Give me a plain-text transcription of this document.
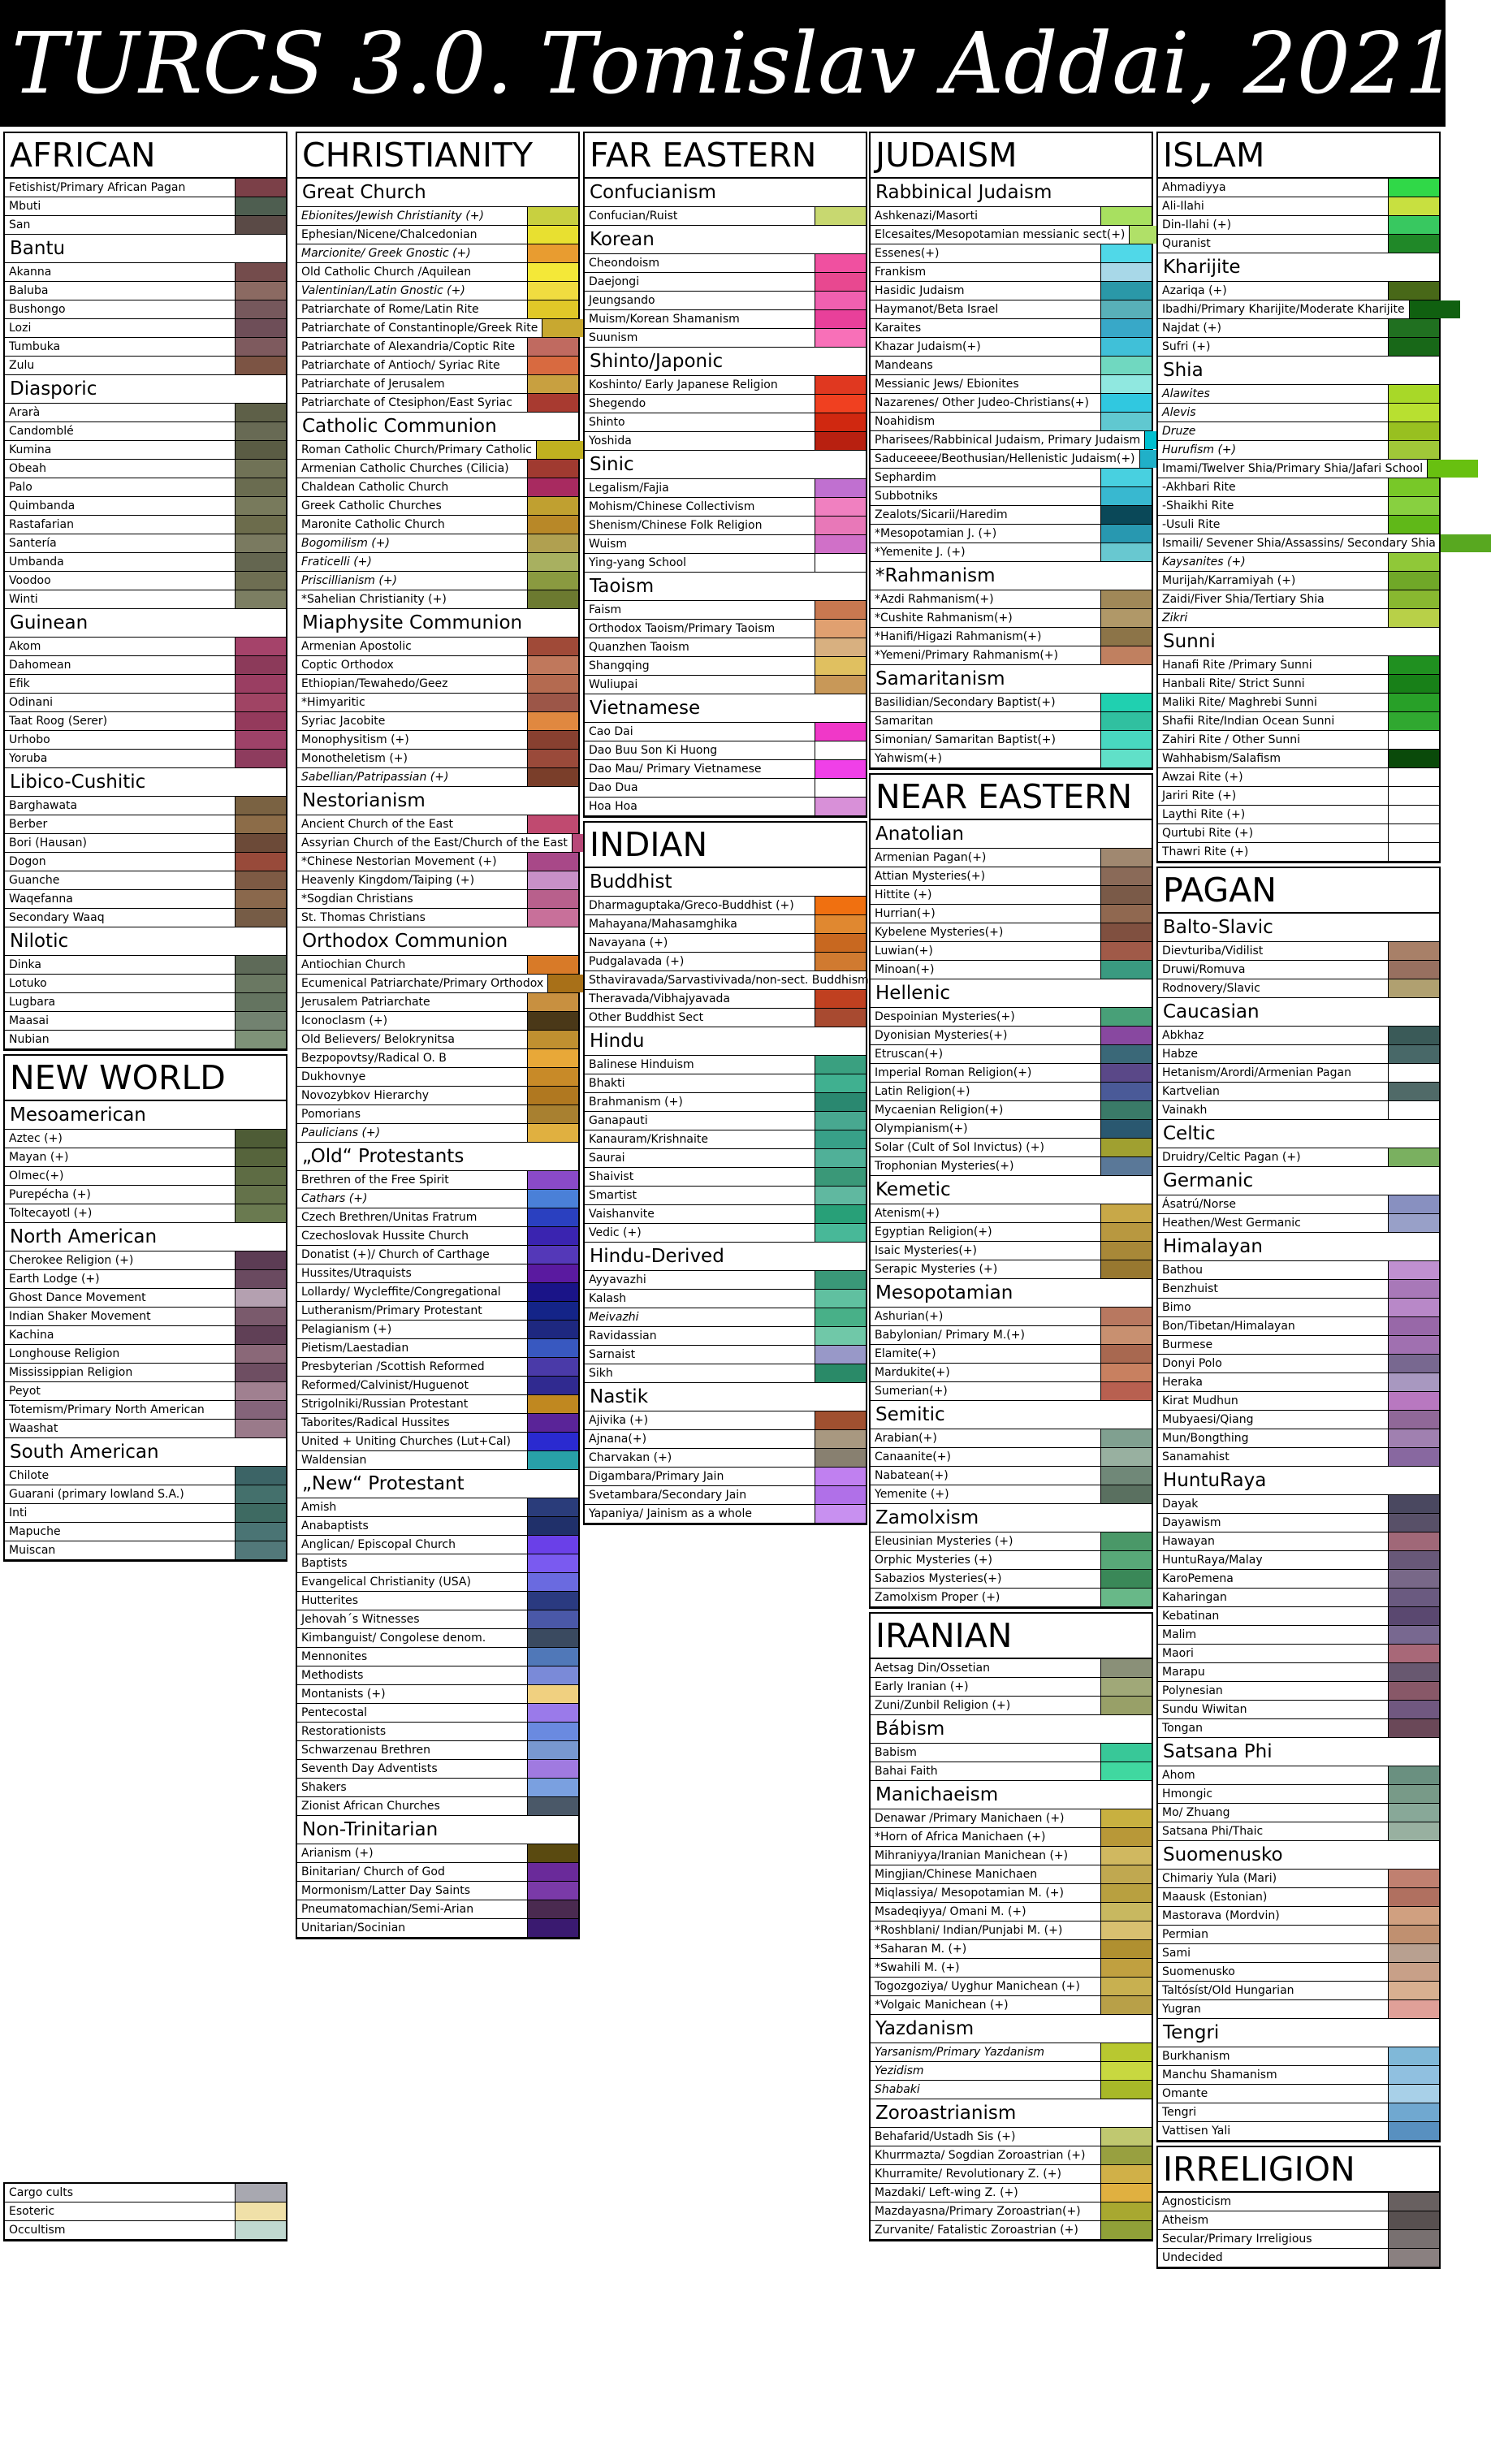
TURCS 3.0. Tomislav Addai, 2021
AFRICAN
Fetishist/Primary African Pagan
Mbuti
San
Bantu
Akanna
Baluba
Bushongo
Lozi
Tumbuka
Zulu
Diasporic
Ararà
Candomblé
Kumina
Obeah
Palo
Quimbanda
Rastafarian
Santería
Umbanda
Voodoo
Winti
Guinean
Akom
Dahomean
Efik
Odinani
Taat Roog (Serer)
Urhobo
Yoruba
Libico-Cushitic
Barghawata
Berber
Bori (Hausan)
Dogon
Guanche
Waqefanna
Secondary Waaq
Nilotic
Dinka
Lotuko
Lugbara
Maasai
Nubian
NEW WORLD
Mesoamerican
Aztec (+)
Mayan (+)
Olmec(+)
Purepécha (+)
Toltecayotl (+)
North American
Cherokee Religion (+)
Earth Lodge (+)
Ghost Dance Movement
Indian Shaker Movement
Kachina
Longhouse Religion
Mississippian Religion
Peyot
Totemism/Primary North American
Waashat
South American
Chilote
Guarani (primary lowland S.A.)
Inti
Mapuche
Muiscan
CHRISTIANITY
Great Church
Ebionites/Jewish Christianity (+)
Ephesian/Nicene/Chalcedonian
Marcionite/ Greek Gnostic (+)
Old Catholic Church /Aquilean
Valentinian/Latin Gnostic (+)
Patriarchate of Rome/Latin Rite
Patriarchate of Constantinople/Greek Rite
Patriarchate of Alexandria/Coptic Rite
Patriarchate of Antioch/ Syriac Rite
Patriarchate of Jerusalem
Patriarchate of Ctesiphon/East Syriac
Catholic Communion
Roman Catholic Church/Primary Catholic
Armenian Catholic Churches (Cilicia)
Chaldean Catholic Church
Greek Catholic Churches
Maronite Catholic Church
Bogomilism (+)
Fraticelli (+)
Priscillianism (+)
*Sahelian Christianity (+)
Miaphysite Communion
Armenian Apostolic
Coptic Orthodox
Ethiopian/Tewahedo/Geez
*Himyaritic
Syriac Jacobite
Monophysitism (+)
Monotheletism (+)
Sabellian/Patripassian (+)
Nestorianism
Ancient Church of the East
Assyrian Church of the East/Church of the East
*Chinese Nestorian Movement (+)
Heavenly Kingdom/Taiping (+)
*Sogdian Christians
St. Thomas Christians
Orthodox Communion
Antiochian Church
Ecumenical Patriarchate/Primary Orthodox
Jerusalem Patriarchate
Iconoclasm (+)
Old Believers/ Belokrynitsa
Bezpopovtsy/Radical O. B
Dukhovnye
Novozybkov Hierarchy
Pomorians
Paulicians (+)
„Old“ Protestants
Brethren of the Free Spirit
Cathars (+)
Czech Brethren/Unitas Fratrum
Czechoslovak Hussite Church
Donatist (+)/ Church of Carthage
Hussites/Utraquists
Lollardy/ Wycleffite/Congregational
Lutheranism/Primary Protestant
Pelagianism (+)
Pietism/Laestadian
Presbyterian /Scottish Reformed
Reformed/Calvinist/Huguenot
Strigolniki/Russian Protestant
Taborites/Radical Hussites
United + Uniting Churches (Lut+Cal)
Waldensian
„New“ Protestant
Amish
Anabaptists
Anglican/ Episcopal Church
Baptists
Evangelical Christianity (USA)
Hutterites
Jehovah´s Witnesses
Kimbanguist/ Congolese denom.
Mennonites
Methodists
Montanists (+)
Pentecostal
Restorationists
Schwarzenau Brethren
Seventh Day Adventists
Shakers
Zionist African Churches
Non-Trinitarian
Arianism (+)
Binitarian/ Church of God
Mormonism/Latter Day Saints
Pneumatomachian/Semi-Arian
Unitarian/Socinian
FAR EASTERN
Confucianism
Confucian/Ruist
Korean
Cheondoism
Daejongi
Jeungsando
Muism/Korean Shamanism
Suunism
Shinto/Japonic
Koshinto/ Early Japanese Religion
Shegendo
Shinto
Yoshida
Sinic
Legalism/Fajia
Mohism/Chinese Collectivism
Shenism/Chinese Folk Religion
Wuism
Ying-yang School
Taoism
Faism
Orthodox Taoism/Primary Taoism
Quanzhen Taoism
Shangqing
Wuliupai
Vietnamese
Cao Dai
Dao Buu Son Ki Huong
Dao Mau/ Primary Vietnamese
Dao Dua
Hoa Hoa
INDIAN
Buddhist
Dharmaguptaka/Greco-Buddhist (+)
Mahayana/Mahasamghika
Navayana (+)
Pudgalavada (+)
Sthaviravada/Sarvastivivada/non-sect. Buddhism
Theravada/Vibhajyavada
Other Buddhist Sect
Hindu
Balinese Hinduism
Bhakti
Brahmanism (+)
Ganapauti
Kanauram/Krishnaite
Saurai
Shaivist
Smartist
Vaishanvite
Vedic (+)
Hindu-Derived
Ayyavazhi
Kalash
Meivazhi
Ravidassian
Sarnaist
Sikh
Nastik
Ajivika (+)
Ajnana(+)
Charvakan (+)
Digambara/Primary Jain
Svetambara/Secondary Jain
Yapaniya/ Jainism as a whole
JUDAISM
Rabbinical Judaism
Ashkenazi/Masorti
Elcesaites/Mesopotamian messianic sect(+)
Essenes(+)
Frankism
Hasidic Judaism
Haymanot/Beta Israel
Karaites
Khazar Judaism(+)
Mandeans
Messianic Jews/ Ebionites
Nazarenes/ Other Judeo-Christians(+)
Noahidism
Pharisees/Rabbinical Judaism, Primary Judaism
Saduceeee/Beothusian/Hellenistic Judaism(+)
Sephardim
Subbotniks
Zealots/Sicarii/Haredim
*Mesopotamian J. (+)
*Yemenite J. (+)
*Rahmanism
*Azdi Rahmanism(+)
*Cushite Rahmanism(+)
*Hanifi/Higazi Rahmanism(+)
*Yemeni/Primary Rahmanism(+)
Samaritanism
Basilidian/Secondary Baptist(+)
Samaritan
Simonian/ Samaritan Baptist(+)
Yahwism(+)
NEAR EASTERN
Anatolian
Armenian Pagan(+)
Attian Mysteries(+)
Hittite (+)
Hurrian(+)
Kybelene Mysteries(+)
Luwian(+)
Minoan(+)
Hellenic
Despoinian Mysteries(+)
Dyonisian Mysteries(+)
Etruscan(+)
Imperial Roman Religion(+)
Latin Religion(+)
Mycaenian Religion(+)
Olympianism(+)
Solar (Cult of Sol Invictus) (+)
Trophonian Mysteries(+)
Kemetic
Atenism(+)
Egyptian Religion(+)
Isaic Mysteries(+)
Serapic Mysteries (+)
Mesopotamian
Ashurian(+)
Babylonian/ Primary M.(+)
Elamite(+)
Mardukite(+)
Sumerian(+)
Semitic
Arabian(+)
Canaanite(+)
Nabatean(+)
Yemenite (+)
Zamolxism
Eleusinian Mysteries (+)
Orphic Mysteries (+)
Sabazios Mysteries(+)
Zamolxism Proper (+)
IRANIAN
Aetsag Din/Ossetian
Early Iranian (+)
Zuni/Zunbil Religion (+)
Bábism
Babism
Bahai Faith
Manichaeism
Denawar /Primary Manichaen (+)
*Horn of Africa Manichaen (+)
Mihraniyya/Iranian Manichean (+)
Mingjian/Chinese Manichaen
Miqlassiya/ Mesopotamian M. (+)
Msadeqiyya/ Omani M. (+)
*Roshblani/ Indian/Punjabi M. (+)
*Saharan M. (+)
*Swahili M. (+)
Togozgoziya/ Uyghur Manichean (+)
*Volgaic Manichean (+)
Yazdanism
Yarsanism/Primary Yazdanism
Yezidism
Shabaki
Zoroastrianism
Behafarid/Ustadh Sis (+)
Khurrmazta/ Sogdian Zoroastrian (+)
Khurramite/ Revolutionary Z. (+)
Mazdaki/ Left-wing Z. (+)
Mazdayasna/Primary Zoroastrian(+)
Zurvanite/ Fatalistic Zoroastrian (+)
ISLAM
Ahmadiyya
Ali-Ilahi
Din-Ilahi (+)
Quranist
Kharijite
Azariqa (+)
Ibadhi/Primary Kharijite/Moderate Kharijite
Najdat (+)
Sufri (+)
Shia
Alawites
Alevis
Druze
Hurufism (+)
Imami/Twelver Shia/Primary Shia/Jafari School
-Akhbari Rite
-Shaikhi Rite
-Usuli Rite
Ismaili/ Sevener Shia/Assassins/ Secondary Shia
Kaysanites (+)
Murijah/Karramiyah (+)
Zaidi/Fiver Shia/Tertiary Shia
Zikri
Sunni
Hanafi Rite /Primary Sunni
Hanbali Rite/ Strict Sunni
Maliki Rite/ Maghrebi Sunni
Shafii Rite/Indian Ocean Sunni
Zahiri Rite / Other Sunni
Wahhabism/Salafism
Awzai Rite (+)
Jariri Rite (+)
Laythi Rite (+)
Qurtubi Rite (+)
Thawri Rite (+)
PAGAN
Balto-Slavic
Dievturiba/Vidilist
Druwi/Romuva
Rodnovery/Slavic
Caucasian
Abkhaz
Habze
Hetanism/Arordi/Armenian Pagan
Kartvelian
Vainakh
Celtic
Druidry/Celtic Pagan (+)
Germanic
Ásatrú/Norse
Heathen/West Germanic
Himalayan
Bathou
Benzhuist
Bimo
Bon/Tibetan/Himalayan
Burmese
Donyi Polo
Heraka
Kirat Mudhun
Mubyaesi/Qiang
Mun/Bongthing
Sanamahist
HuntuRaya
Dayak
Dayawism
Hawayan
HuntuRaya/Malay
KaroPemena
Kaharingan
Kebatinan
Malim
Maori
Marapu
Polynesian
Sundu Wiwitan
Tongan
Satsana Phi
Ahom
Hmongic
Mo/ Zhuang
Satsana Phi/Thaic
Suomenusko
Chimariy Yula (Mari)
Maausk (Estonian)
Mastorava (Mordvin)
Permian
Sami
Suomenusko
Taltósíst/Old Hungarian
Yugran
Tengri
Burkhanism
Manchu Shamanism
Omante
Tengri
Vattisen Yali
IRRELIGION
Agnosticism
Atheism
Secular/Primary Irreligious
Undecided
Cargo cults
Esoteric
Occultism
